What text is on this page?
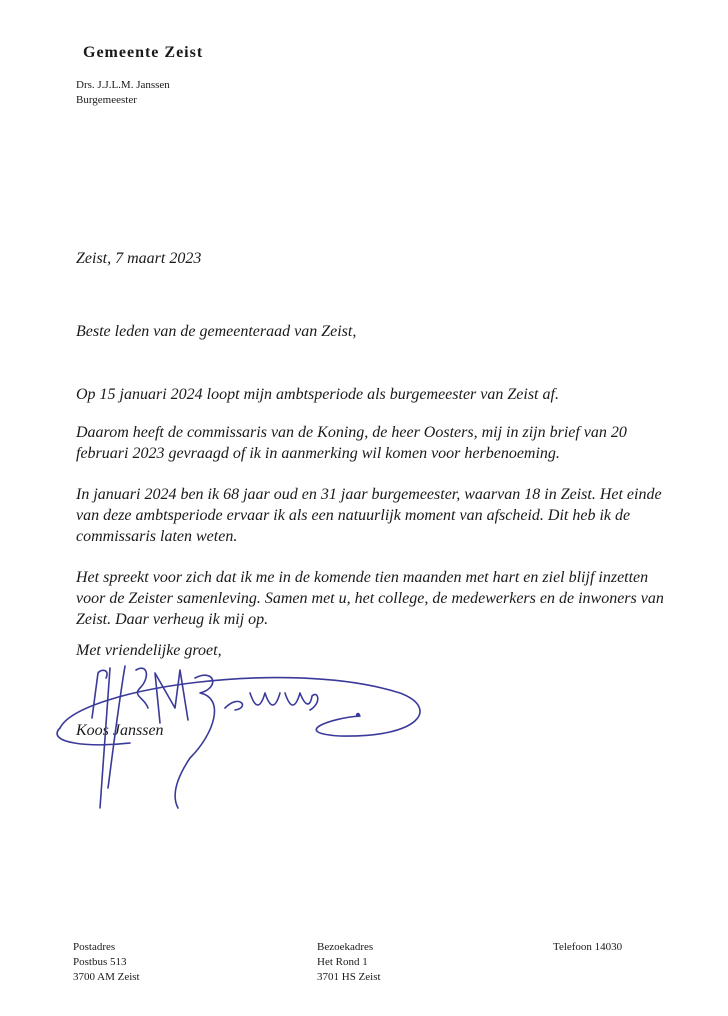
Gemeente Zeist
Drs. J.J.L.M. Janssen
Burgemeester
Zeist, 7 maart 2023
Beste leden van de gemeenteraad van Zeist,
Op 15 januari 2024 loopt mijn ambtsperiode als burgemeester van Zeist af.
Daarom heeft de commissaris van de Koning, de heer Oosters, mij in zijn brief van 20 februari 2023 gevraagd of ik in aanmerking wil komen voor herbenoeming.
In januari 2024 ben ik 68 jaar oud en 31 jaar burgemeester, waarvan 18 in Zeist. Het einde van deze ambtsperiode ervaar ik als een natuurlijk moment van afscheid. Dit heb ik de commissaris laten weten.
Het spreekt voor zich dat ik me in de komende tien maanden met hart en ziel blijf inzetten voor de Zeister samenleving. Samen met u, het college, de medewerkers en de inwoners van Zeist. Daar verheug ik mij op.
Met vriendelijke groet,
Koos Janssen
Postadres
Postbus 513
3700 AM Zeist
Bezoekadres
Het Rond 1
3701 HS Zeist
Telefoon 14030
